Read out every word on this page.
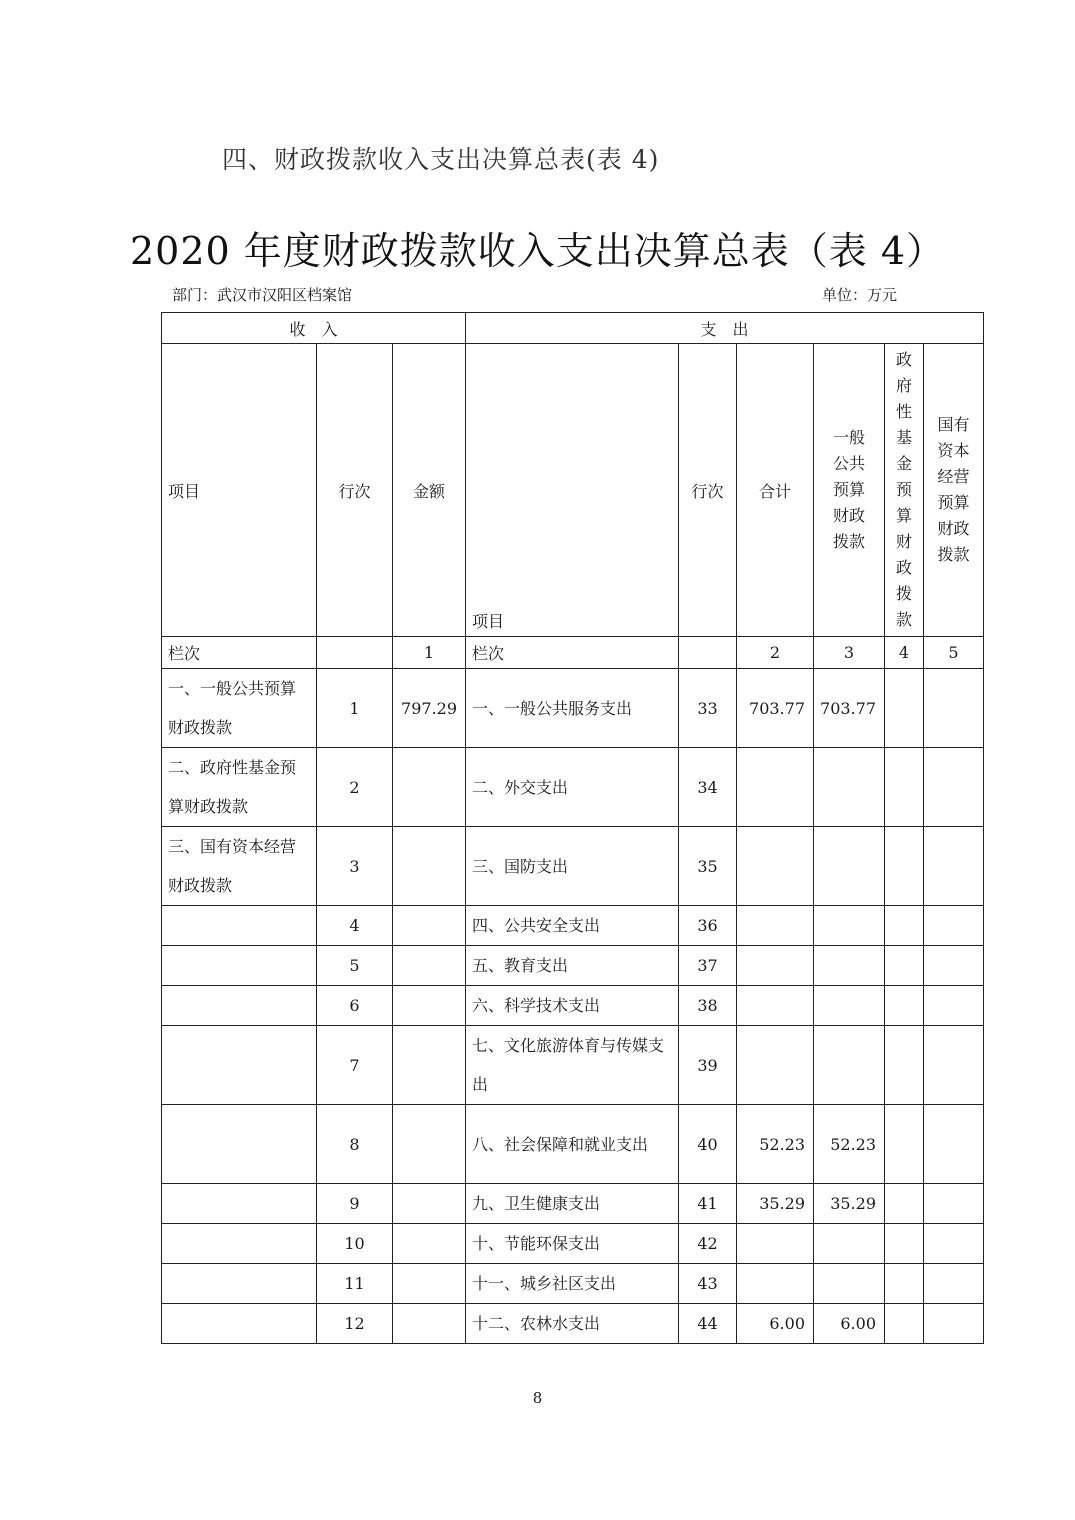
四、财政拨款收入支出决算总表(表 4)
2020 年度财政拨款收入支出决算总表（表 4）
部门：武汉市汉阳区档案馆	单位：万元
收　入			支　出					
项目	行次	金额	项目	行次	合计	一般公共预算财政拨款	政府性基金预算财政拨款	国有资本经营预算财政拨款
栏次		1	栏次		2	3	4	5
一、一般公共预算财政拨款	1	797.29	一、一般公共服务支出	33	703.77	703.77		
二、政府性基金预算财政拨款	2		二、外交支出	34				
三、国有资本经营财政拨款	3		三、国防支出	35				
	4		四、公共安全支出	36				
	5		五、教育支出	37				
	6		六、科学技术支出	38				
	7		七、文化旅游体育与传媒支出	39				
	8		八、社会保障和就业支出	40	52.23	52.23		
	9		九、卫生健康支出	41	35.29	35.29		
	10		十、节能环保支出	42				
	11		十一、城乡社区支出	43				
	12		十二、农林水支出	44	6.00	6.00		
8
